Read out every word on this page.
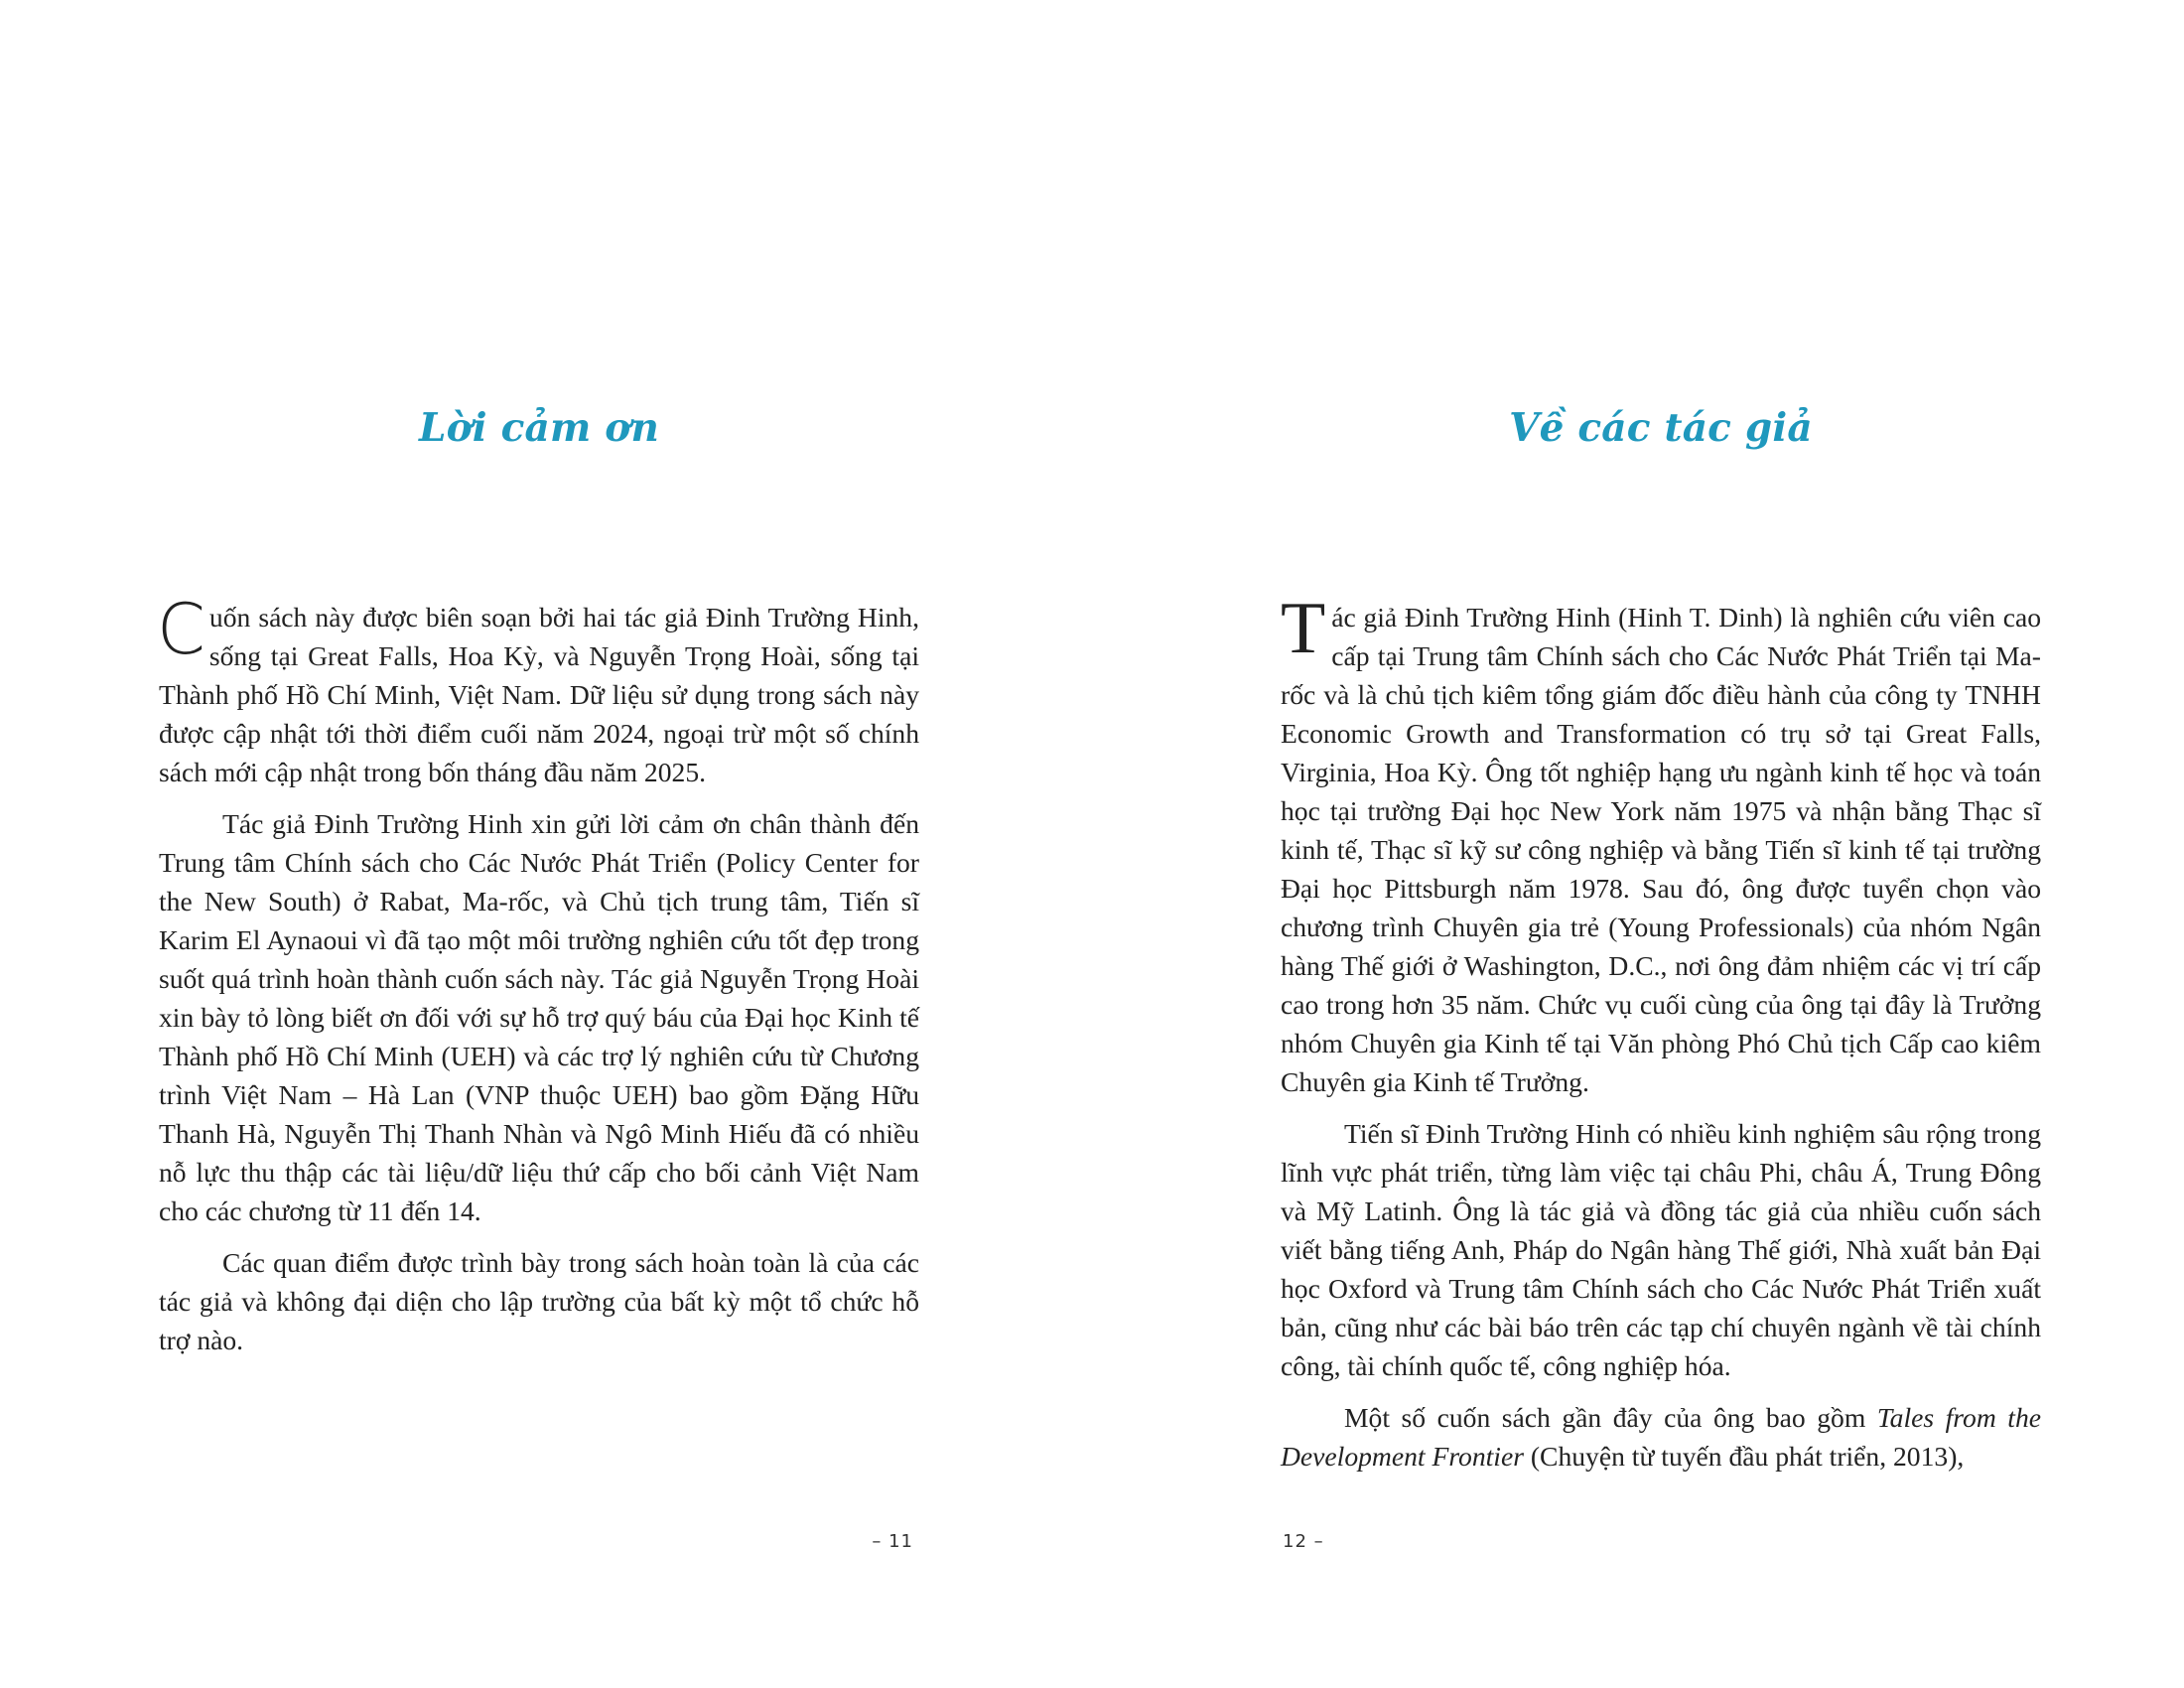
Lời cảm ơn

Cuốn sách này được biên soạn bởi hai tác giả Đinh Trường Hinh, sống tại Great Falls, Hoa Kỳ, và Nguyễn Trọng Hoài, sống tại Thành phố Hồ Chí Minh, Việt Nam. Dữ liệu sử dụng trong sách này được cập nhật tới thời điểm cuối năm 2024, ngoại trừ một số chính sách mới cập nhật trong bốn tháng đầu năm 2025.

Tác giả Đinh Trường Hinh xin gửi lời cảm ơn chân thành đến Trung tâm Chính sách cho Các Nước Phát Triển (Policy Center for the New South) ở Rabat, Ma-rốc, và Chủ tịch trung tâm, Tiến sĩ Karim El Aynaoui vì đã tạo một môi trường nghiên cứu tốt đẹp trong suốt quá trình hoàn thành cuốn sách này. Tác giả Nguyễn Trọng Hoài xin bày tỏ lòng biết ơn đối với sự hỗ trợ quý báu của Đại học Kinh tế Thành phố Hồ Chí Minh (UEH) và các trợ lý nghiên cứu từ Chương trình Việt Nam – Hà Lan (VNP thuộc UEH) bao gồm Đặng Hữu Thanh Hà, Nguyễn Thị Thanh Nhàn và Ngô Minh Hiếu đã có nhiều nỗ lực thu thập các tài liệu/dữ liệu thứ cấp cho bối cảnh Việt Nam cho các chương từ 11 đến 14.

Các quan điểm được trình bày trong sách hoàn toàn là của các tác giả và không đại diện cho lập trường của bất kỳ một tổ chức hỗ trợ nào.

– 11
Về các tác giả

Tác giả Đinh Trường Hinh (Hinh T. Dinh) là nghiên cứu viên cao cấp tại Trung tâm Chính sách cho Các Nước Phát Triển tại Ma-rốc và là chủ tịch kiêm tổng giám đốc điều hành của công ty TNHH Economic Growth and Transformation có trụ sở tại Great Falls, Virginia, Hoa Kỳ. Ông tốt nghiệp hạng ưu ngành kinh tế học và toán học tại trường Đại học New York năm 1975 và nhận bằng Thạc sĩ kinh tế, Thạc sĩ kỹ sư công nghiệp và bằng Tiến sĩ kinh tế tại trường Đại học Pittsburgh năm 1978. Sau đó, ông được tuyển chọn vào chương trình Chuyên gia trẻ (Young Professionals) của nhóm Ngân hàng Thế giới ở Washington, D.C., nơi ông đảm nhiệm các vị trí cấp cao trong hơn 35 năm. Chức vụ cuối cùng của ông tại đây là Trưởng nhóm Chuyên gia Kinh tế tại Văn phòng Phó Chủ tịch Cấp cao kiêm Chuyên gia Kinh tế Trưởng.

Tiến sĩ Đinh Trường Hinh có nhiều kinh nghiệm sâu rộng trong lĩnh vực phát triển, từng làm việc tại châu Phi, châu Á, Trung Đông và Mỹ Latinh. Ông là tác giả và đồng tác giả của nhiều cuốn sách viết bằng tiếng Anh, Pháp do Ngân hàng Thế giới, Nhà xuất bản Đại học Oxford và Trung tâm Chính sách cho Các Nước Phát Triển xuất bản, cũng như các bài báo trên các tạp chí chuyên ngành về tài chính công, tài chính quốc tế, công nghiệp hóa.

Một số cuốn sách gần đây của ông bao gồm Tales from the Development Frontier (Chuyện từ tuyến đầu phát triển, 2013),

12 –
